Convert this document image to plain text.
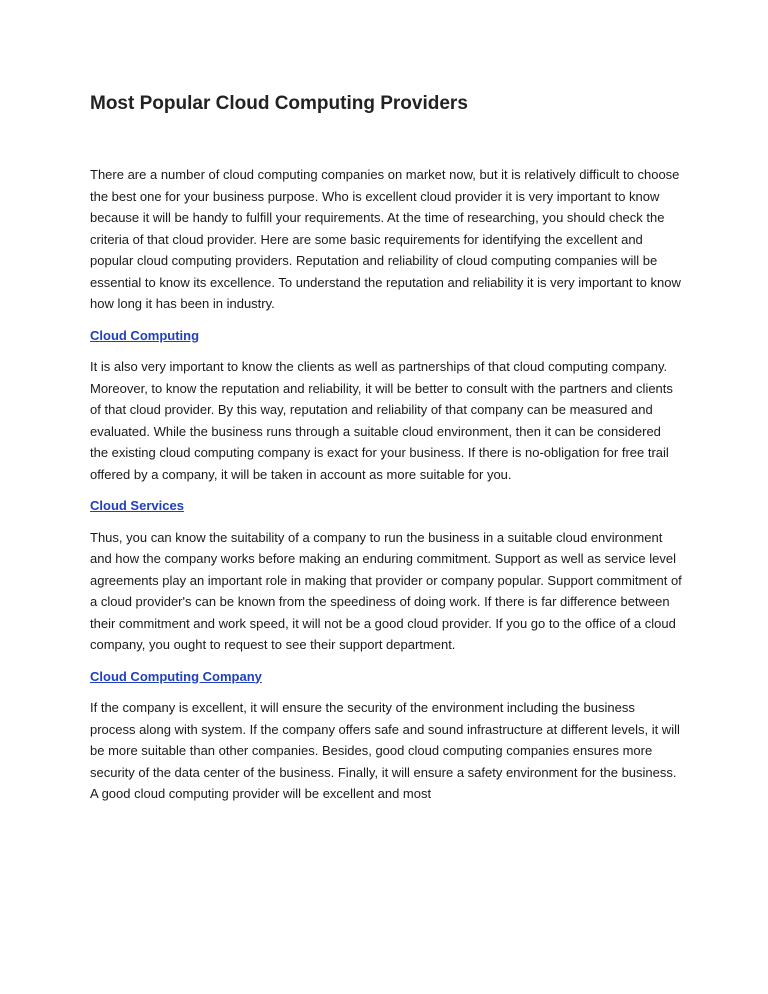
Most Popular Cloud Computing Providers

There are a number of cloud computing companies on market now, but it is relatively difficult to choose the best one for your business purpose. Who is excellent cloud provider it is very important to know because it will be handy to fulfill your requirements. At the time of researching, you should check the criteria of that cloud provider. Here are some basic requirements for identifying the excellent and popular cloud computing providers. Reputation and reliability of cloud computing companies will be essential to know its excellence. To understand the reputation and reliability it is very important to know how long it has been in industry.

Cloud Computing

It is also very important to know the clients as well as partnerships of that cloud computing company. Moreover, to know the reputation and reliability, it will be better to consult with the partners and clients of that cloud provider. By this way, reputation and reliability of that company can be measured and evaluated. While the business runs through a suitable cloud environment, then it can be considered the existing cloud computing company is exact for your business. If there is no-obligation for free trail offered by a company, it will be taken in account as more suitable for you.

Cloud Services

Thus, you can know the suitability of a company to run the business in a suitable cloud environment and how the company works before making an enduring commitment. Support as well as service level agreements play an important role in making that provider or company popular. Support commitment of a cloud provider's can be known from the speediness of doing work. If there is far difference between their commitment and work speed, it will not be a good cloud provider. If you go to the office of a cloud company, you ought to request to see their support department.

Cloud Computing Company

If the company is excellent, it will ensure the security of the environment including the business process along with system. If the company offers safe and sound infrastructure at different levels, it will be more suitable than other companies. Besides, good cloud computing companies ensures more security of the data center of the business. Finally, it will ensure a safety environment for the business. A good cloud computing provider will be excellent and most
